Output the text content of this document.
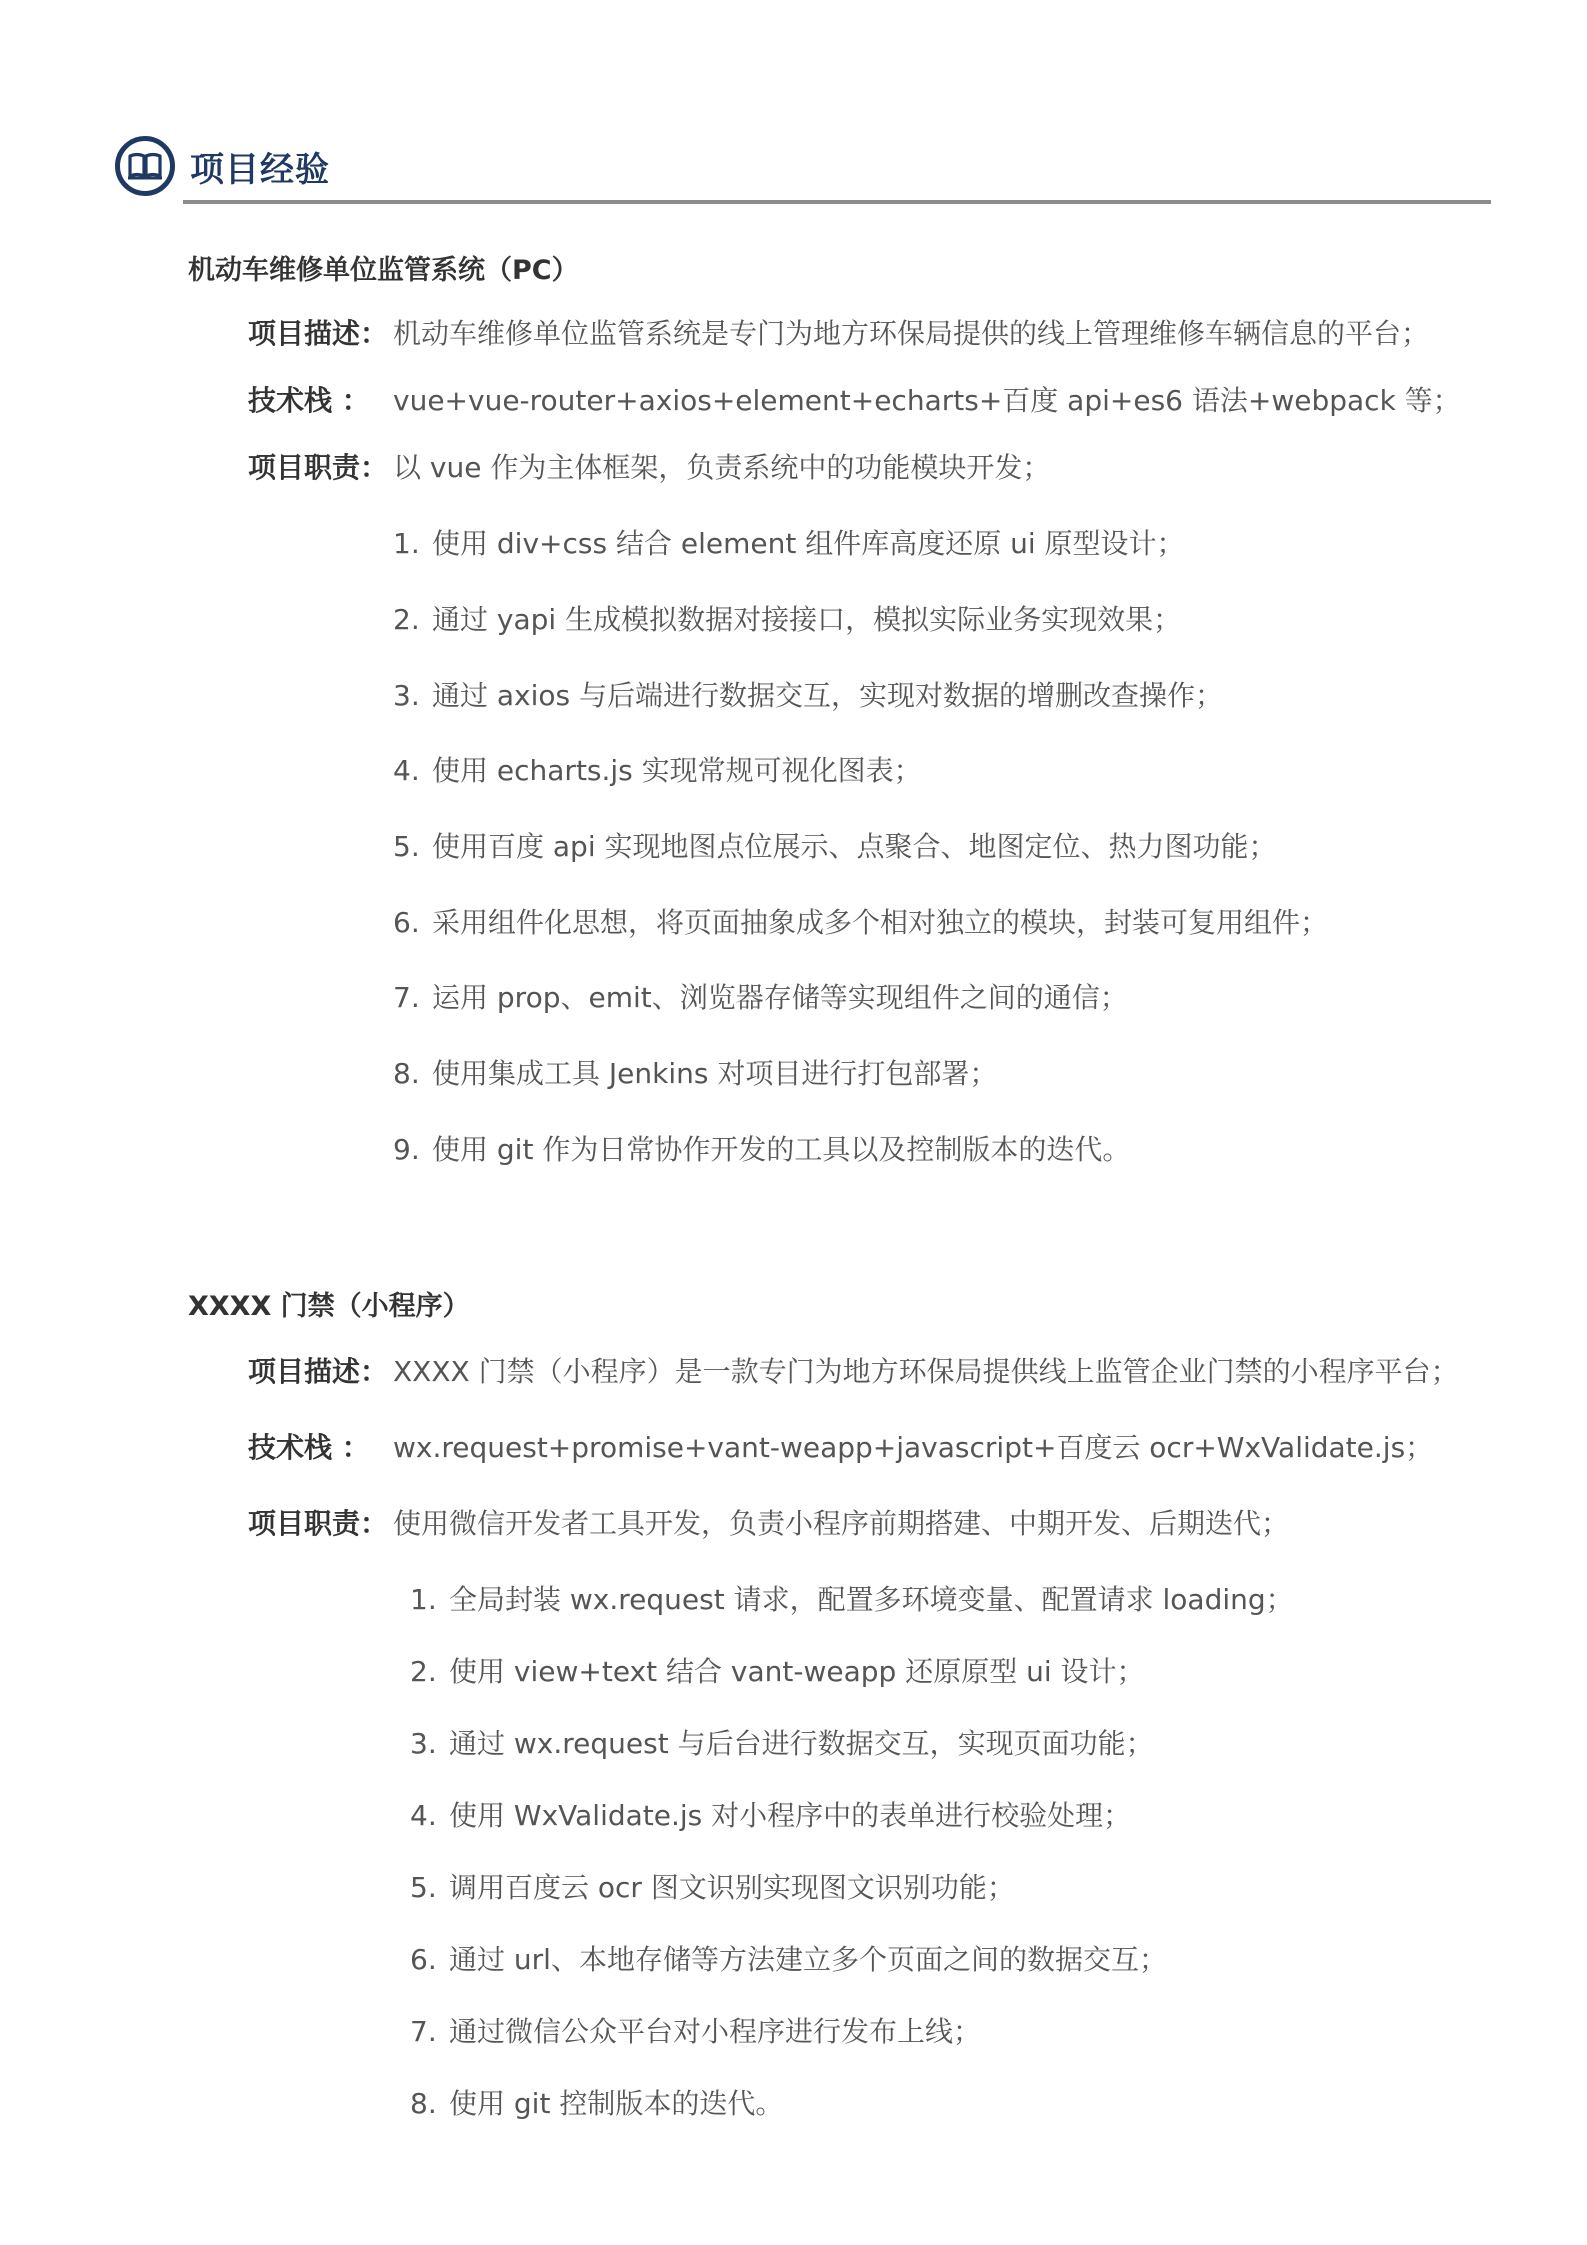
项目经验
机动车维修单位监管系统（PC）
项目描述： 机动车维修单位监管系统是专门为地方环保局提供的线上管理维修车辆信息的平台；
技术栈 ： vue+vue-router+axios+element+echarts+百度 api+es6 语法+webpack 等；
项目职责： 以 vue 作为主体框架，负责系统中的功能模块开发；
1. 使用 div+css 结合 element 组件库高度还原 ui 原型设计；
2. 通过 yapi 生成模拟数据对接接口，模拟实际业务实现效果；
3. 通过 axios 与后端进行数据交互，实现对数据的增删改查操作；
4. 使用 echarts.js 实现常规可视化图表；
5. 使用百度 api 实现地图点位展示、点聚合、地图定位、热力图功能；
6. 采用组件化思想，将页面抽象成多个相对独立的模块，封装可复用组件；
7. 运用 prop、emit、浏览器存储等实现组件之间的通信；
8. 使用集成工具 Jenkins 对项目进行打包部署；
9. 使用 git 作为日常协作开发的工具以及控制版本的迭代。
XXXX 门禁（小程序）
项目描述： XXXX 门禁（小程序）是一款专门为地方环保局提供线上监管企业门禁的小程序平台；
技术栈 ： wx.request+promise+vant-weapp+javascript+百度云 ocr+WxValidate.js；
项目职责： 使用微信开发者工具开发，负责小程序前期搭建、中期开发、后期迭代；
1. 全局封装 wx.request 请求，配置多环境变量、配置请求 loading；
2. 使用 view+text 结合 vant-weapp 还原原型 ui 设计；
3. 通过 wx.request 与后台进行数据交互，实现页面功能；
4. 使用 WxValidate.js 对小程序中的表单进行校验处理；
5. 调用百度云 ocr 图文识别实现图文识别功能；
6. 通过 url、本地存储等方法建立多个页面之间的数据交互；
7. 通过微信公众平台对小程序进行发布上线；
8. 使用 git 控制版本的迭代。
